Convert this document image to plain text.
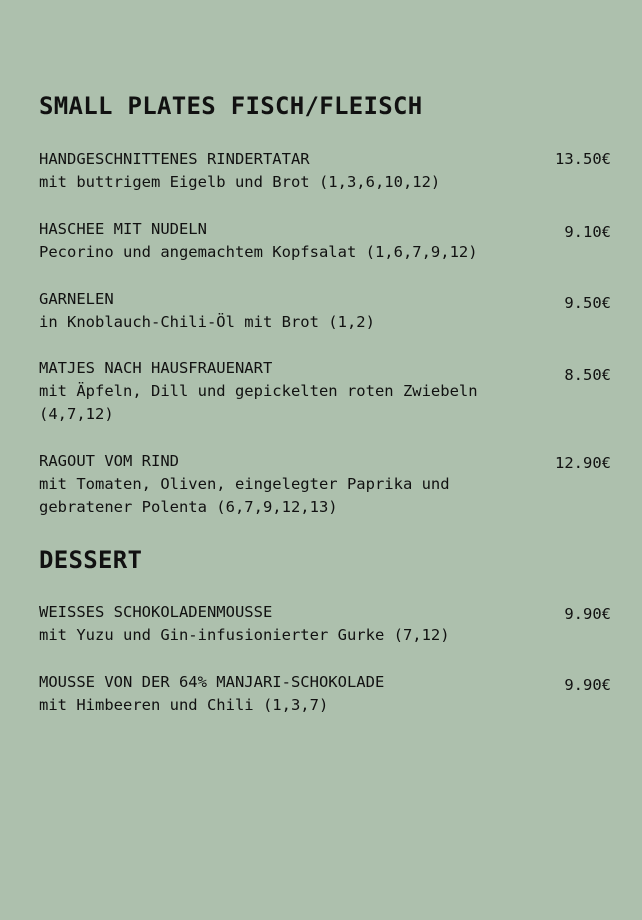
SMALL PLATES FISCH/FLEISCH
HANDGESCHNITTENES RINDERTATAR
mit buttrigem Eigelb und Brot (1,3,6,10,12)
13.50€
HASCHEE MIT NUDELN
Pecorino und angemachtem Kopfsalat (1,6,7,9,12)
9.10€
GARNELEN
in Knoblauch-Chili-Öl mit Brot (1,2)
9.50€
MATJES NACH HAUSFRAUENART
mit Äpfeln, Dill und gepickelten roten Zwiebeln
(4,7,12)
8.50€
RAGOUT VOM RIND
mit Tomaten, Oliven, eingelegter Paprika und
gebratener Polenta (6,7,9,12,13)
12.90€
DESSERT
WEISSES SCHOKOLADENMOUSSE
mit Yuzu und Gin-infusionierter Gurke (7,12)
9.90€
MOUSSE VON DER 64% MANJARI-SCHOKOLADE
mit Himbeeren und Chili (1,3,7)
9.90€
